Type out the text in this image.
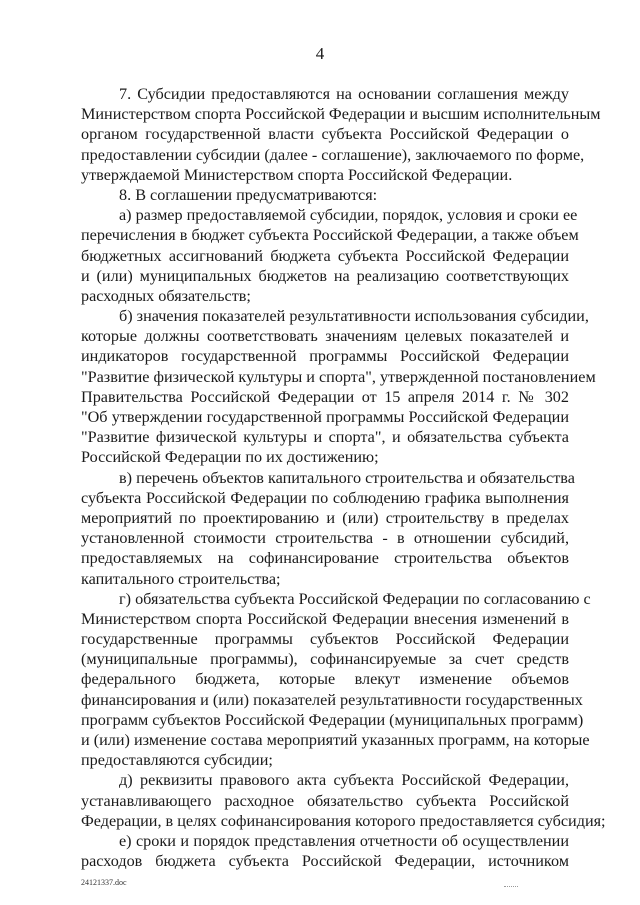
4
7. Субсидии предоставляются на основании соглашения между
Министерством спорта Российской Федерации и высшим исполнительным
органом государственной власти субъекта Российской Федерации о
предоставлении субсидии (далее - соглашение), заключаемого по форме,
утверждаемой Министерством спорта Российской Федерации.
8. В соглашении предусматриваются:
а) размер предоставляемой субсидии, порядок, условия и сроки ее
перечисления в бюджет субъекта Российской Федерации, а также объем
бюджетных ассигнований бюджета субъекта Российской Федерации
и (или) муниципальных бюджетов на реализацию соответствующих
расходных обязательств;
б) значения показателей результативности использования субсидии,
которые должны соответствовать значениям целевых показателей и
индикаторов государственной программы Российской Федерации
"Развитие физической культуры и спорта", утвержденной постановлением
Правительства Российской Федерации от 15 апреля 2014 г. № 302
"Об утверждении государственной программы Российской Федерации
"Развитие физической культуры и спорта", и обязательства субъекта
Российской Федерации по их достижению;
в) перечень объектов капитального строительства и обязательства
субъекта Российской Федерации по соблюдению графика выполнения
мероприятий по проектированию и (или) строительству в пределах
установленной стоимости строительства - в отношении субсидий,
предоставляемых на софинансирование строительства объектов
капитального строительства;
г) обязательства субъекта Российской Федерации по согласованию с
Министерством спорта Российской Федерации внесения изменений в
государственные программы субъектов Российской Федерации
(муниципальные программы), софинансируемые за счет средств
федерального бюджета, которые влекут изменение объемов
финансирования и (или) показателей результативности государственных
программ субъектов Российской Федерации (муниципальных программ)
и (или) изменение состава мероприятий указанных программ, на которые
предоставляются субсидии;
д) реквизиты правового акта субъекта Российской Федерации,
устанавливающего расходное обязательство субъекта Российской
Федерации, в целях софинансирования которого предоставляется субсидия;
е) сроки и порядок представления отчетности об осуществлении
расходов бюджета субъекта Российской Федерации, источником
24121337.doc
